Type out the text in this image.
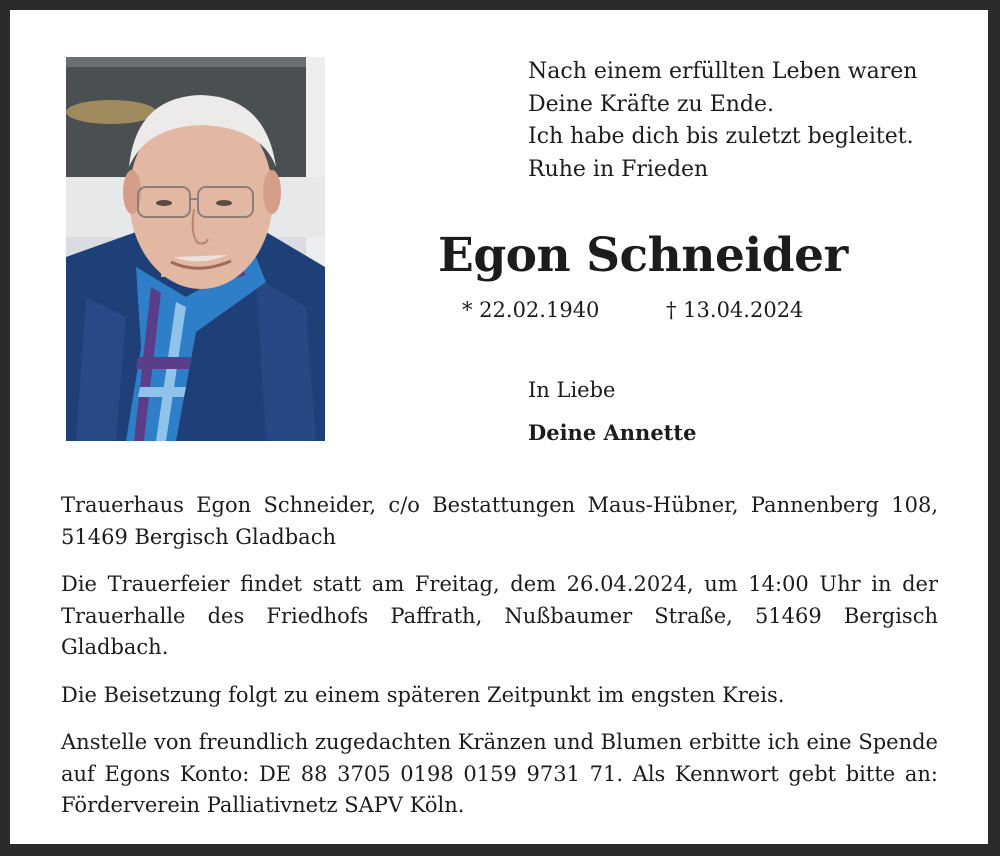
Nach einem erfüllten Leben waren
Deine Kräfte zu Ende.
Ich habe dich bis zuletzt begleitet.
Ruhe in Frieden
Egon Schneider
* 22.02.1940	† 13.04.2024
In Liebe
Deine Annette

Trauerhaus Egon Schneider, c/o Bestattungen Maus-Hübner, Pannenberg 108, 51469 Bergisch Gladbach

Die Trauerfeier findet statt am Freitag, dem 26.04.2024, um 14:00 Uhr in der Trauerhalle des Friedhofs Paffrath, Nußbaumer Straße, 51469 Bergisch Gladbach.

Die Beisetzung folgt zu einem späteren Zeitpunkt im engsten Kreis.

Anstelle von freundlich zugedachten Kränzen und Blumen erbitte ich eine Spende auf Egons Konto: DE 88 3705 0198 0159 9731 71. Als Kennwort gebt bitte an: Förderverein Palliativnetz SAPV Köln.
